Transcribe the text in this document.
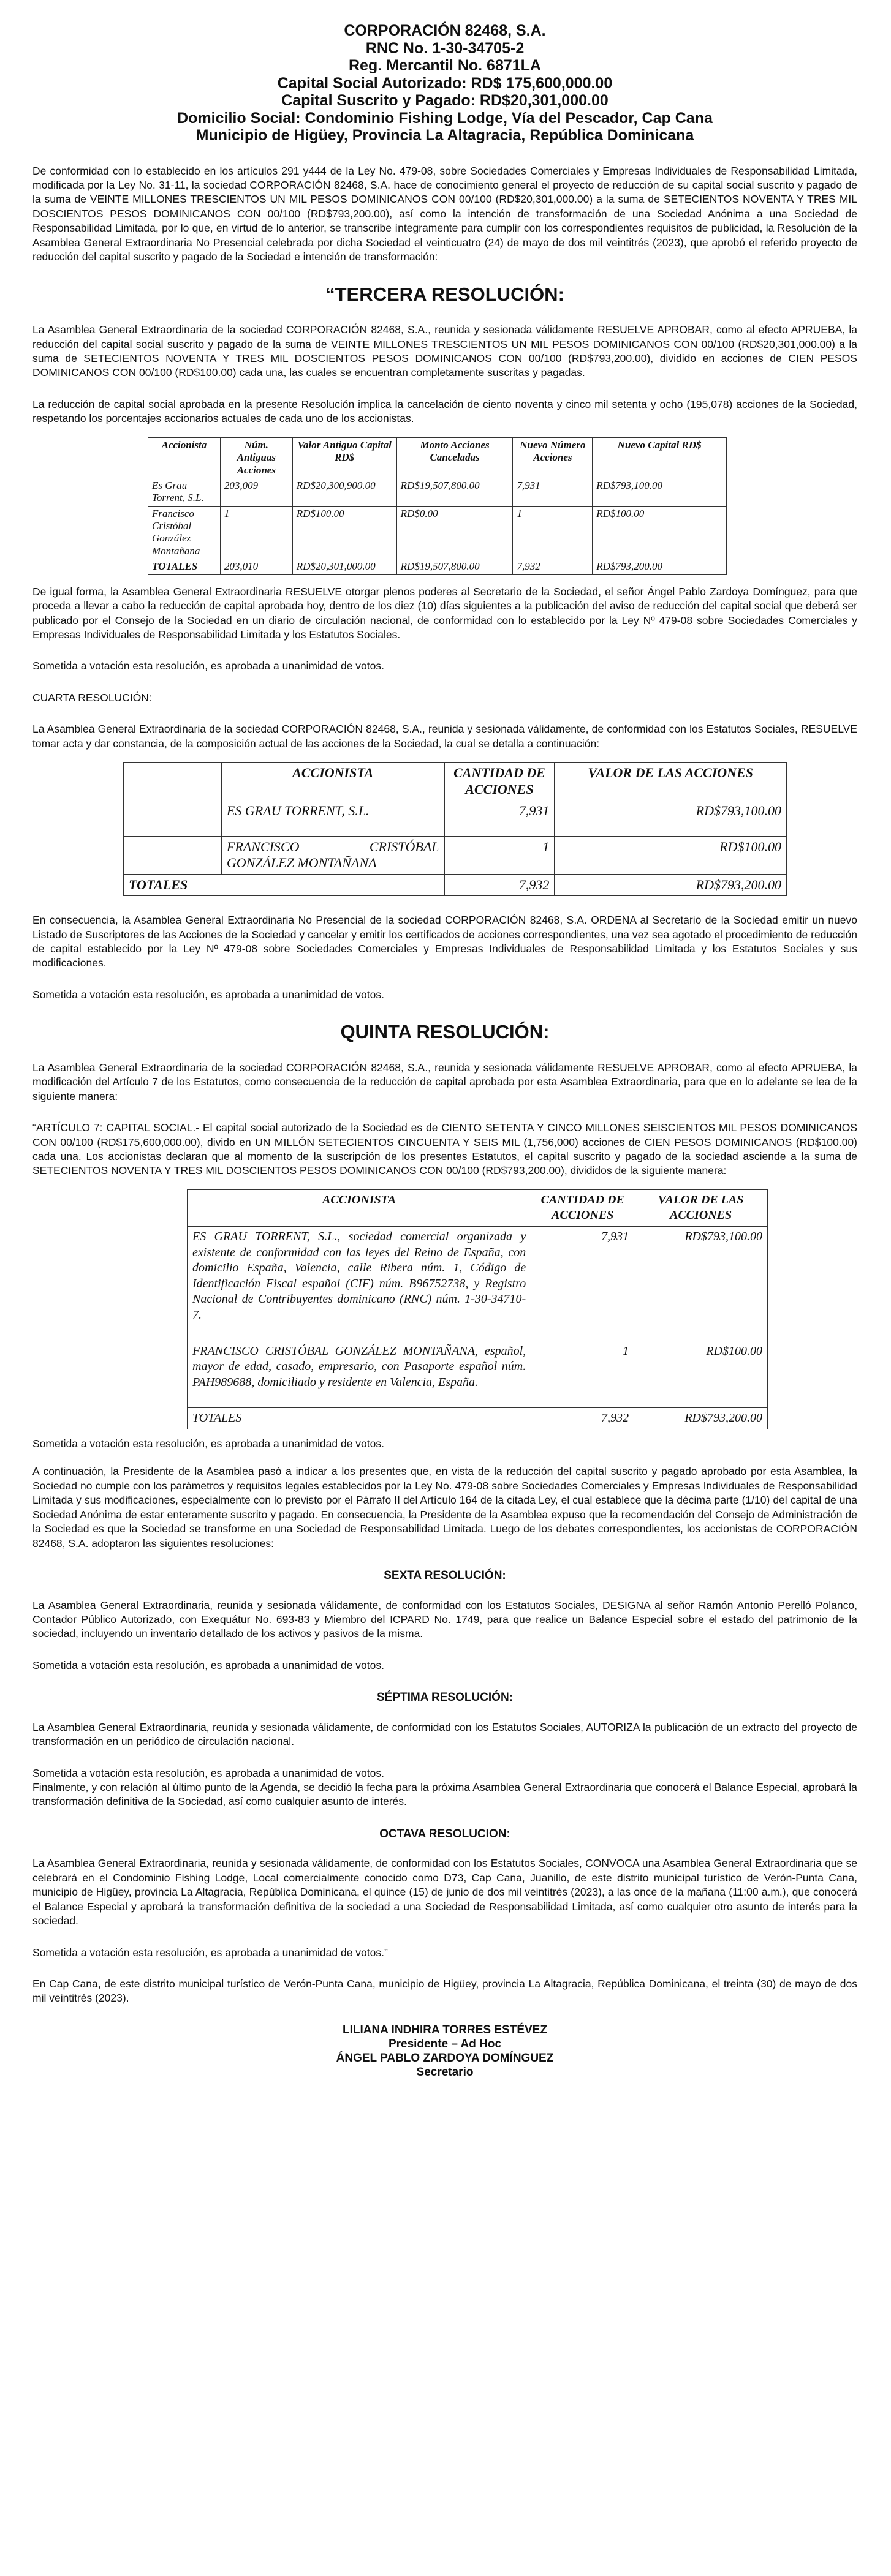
CORPORACIÓN 82468, S.A.
RNC No. 1-30-34705-2
Reg. Mercantil No. 6871LA
Capital Social Autorizado: RD$ 175,600,000.00
Capital Suscrito y Pagado: RD$20,301,000.00
Domicilio Social: Condominio Fishing Lodge, Vía del Pescador, Cap Cana
Municipio de Higüey, Provincia La Altagracia, República Dominicana

De conformidad con lo establecido en los artículos 291 y444 de la Ley No. 479-08, sobre Sociedades Comerciales y Empresas Individuales de Responsabilidad Limitada, modificada por la Ley No. 31-11, la sociedad CORPORACIÓN 82468, S.A. hace de conocimiento general el proyecto de reducción de su capital social suscrito y pagado de la suma de VEINTE MILLONES TRESCIENTOS UN MIL PESOS DOMINICANOS CON 00/100 (RD$20,301,000.00) a la suma de SETECIENTOS NOVENTA Y TRES MIL DOSCIENTOS PESOS DOMINICANOS CON 00/100 (RD$793,200.00), así como la intención de transformación de una Sociedad Anónima a una Sociedad de Responsabilidad Limitada, por lo que, en virtud de lo anterior, se transcribe íntegramente para cumplir con los correspondientes requisitos de publicidad, la Resolución de la Asamblea General Extraordinaria No Presencial celebrada por dicha Sociedad el veinticuatro (24) de mayo de dos mil veintitrés (2023), que aprobó el referido proyecto de reducción del capital suscrito y pagado de la Sociedad e intención de transformación:

“TERCERA RESOLUCIÓN:

La Asamblea General Extraordinaria de la sociedad CORPORACIÓN 82468, S.A., reunida y sesionada válidamente RESUELVE APROBAR, como al efecto APRUEBA, la reducción del capital social suscrito y pagado de la suma de VEINTE MILLONES TRESCIENTOS UN MIL PESOS DOMINICANOS CON 00/100 (RD$20,301,000.00) a la suma de SETECIENTOS NOVENTA Y TRES MIL DOSCIENTOS PESOS DOMINICANOS CON 00/100 (RD$793,200.00), dividido en acciones de CIEN PESOS DOMINICANOS CON 00/100 (RD$100.00) cada una, las cuales se encuentran completamente suscritas y pagadas.

La reducción de capital social aprobada en la presente Resolución implica la cancelación de ciento noventa y cinco mil setenta y ocho (195,078) acciones de la Sociedad, respetando los porcentajes accionarios actuales de cada uno de los accionistas.

Accionista	Núm. Antiguas Acciones	Valor Antiguo Capital RD$	Monto Acciones Canceladas	Nuevo Número Acciones	Nuevo Capital RD$
Es Grau Torrent, S.L.	203,009	RD$20,300,900.00	RD$19,507,800.00	7,931	RD$793,100.00
Francisco Cristóbal González Montañana	1	RD$100.00	RD$0.00	1	RD$100.00
TOTALES	203,010	RD$20,301,000.00	RD$19,507,800.00	7,932	RD$793,200.00

De igual forma, la Asamblea General Extraordinaria RESUELVE otorgar plenos poderes al Secretario de la Sociedad, el señor Ángel Pablo Zardoya Domínguez, para que proceda a llevar a cabo la reducción de capital aprobada hoy, dentro de los diez (10) días siguientes a la publicación del aviso de reducción del capital social que deberá ser publicado por el Consejo de la Sociedad en un diario de circulación nacional, de conformidad con lo establecido por la Ley Nº 479-08 sobre Sociedades Comerciales y Empresas Individuales de Responsabilidad Limitada y los Estatutos Sociales.

Sometida a votación esta resolución, es aprobada a unanimidad de votos.

CUARTA RESOLUCIÓN:

La Asamblea General Extraordinaria de la sociedad CORPORACIÓN 82468, S.A., reunida y sesionada válidamente, de conformidad con los Estatutos Sociales, RESUELVE tomar acta y dar constancia, de la composición actual de las acciones de la Sociedad, la cual se detalla a continuación:

	ACCIONISTA	CANTIDAD DE ACCIONES	VALOR DE LAS ACCIONES
	ES GRAU TORRENT, S.L.	7,931	RD$793,100.00
	FRANCISCO CRISTÓBAL GONZÁLEZ MONTAÑANA	1	RD$100.00
TOTALES		7,932	RD$793,200.00

En consecuencia, la Asamblea General Extraordinaria No Presencial de la sociedad CORPORACIÓN 82468, S.A. ORDENA al Secretario de la Sociedad emitir un nuevo Listado de Suscriptores de las Acciones de la Sociedad y cancelar y emitir los certificados de acciones correspondientes, una vez sea agotado el procedimiento de reducción de capital establecido por la Ley Nº 479-08 sobre Sociedades Comerciales y Empresas Individuales de Responsabilidad Limitada y los Estatutos Sociales y sus modificaciones.

Sometida a votación esta resolución, es aprobada a unanimidad de votos.

QUINTA RESOLUCIÓN:

La Asamblea General Extraordinaria de la sociedad CORPORACIÓN 82468, S.A., reunida y sesionada válidamente RESUELVE APROBAR, como al efecto APRUEBA, la modificación del Artículo 7 de los Estatutos, como consecuencia de la reducción de capital aprobada por esta Asamblea Extraordinaria, para que en lo adelante se lea de la siguiente manera:

“ARTÍCULO 7: CAPITAL SOCIAL.- El capital social autorizado de la Sociedad es de CIENTO SETENTA Y CINCO MILLONES SEISCIENTOS MIL PESOS DOMINICANOS CON 00/100 (RD$175,600,000.00), divido en UN MILLÓN SETECIENTOS CINCUENTA Y SEIS MIL (1,756,000) acciones de CIEN PESOS DOMINICANOS (RD$100.00) cada una. Los accionistas declaran que al momento de la suscripción de los presentes Estatutos, el capital suscrito y pagado de la sociedad asciende a la suma de SETECIENTOS NOVENTA Y TRES MIL DOSCIENTOS PESOS DOMINICANOS CON 00/100 (RD$793,200.00), divididos de la siguiente manera:

ACCIONISTA	CANTIDAD DE ACCIONES	VALOR DE LAS ACCIONES
ES GRAU TORRENT, S.L., sociedad comercial organizada y existente de conformidad con las leyes del Reino de España, con domicilio España, Valencia, calle Ribera núm. 1, Código de Identificación Fiscal español (CIF) núm. B96752738, y Registro Nacional de Contribuyentes dominicano (RNC) núm. 1-30-34710-7.	7,931	RD$793,100.00
FRANCISCO CRISTÓBAL GONZÁLEZ MONTAÑANA, español, mayor de edad, casado, empresario, con Pasaporte español núm. PAH989688, domiciliado y residente en Valencia, España.	1	RD$100.00
TOTALES	7,932	RD$793,200.00

Sometida a votación esta resolución, es aprobada a unanimidad de votos.

A continuación, la Presidente de la Asamblea pasó a indicar a los presentes que, en vista de la reducción del capital suscrito y pagado aprobado por esta Asamblea, la Sociedad no cumple con los parámetros y requisitos legales establecidos por la Ley No. 479-08 sobre Sociedades Comerciales y Empresas Individuales de Responsabilidad Limitada y sus modificaciones, especialmente con lo previsto por el Párrafo II del Artículo 164 de la citada Ley, el cual establece que la décima parte (1/10) del capital de una Sociedad Anónima de estar enteramente suscrito y pagado. En consecuencia, la Presidente de la Asamblea expuso que la recomendación del Consejo de Administración de la Sociedad es que la Sociedad se transforme en una Sociedad de Responsabilidad Limitada. Luego de los debates correspondientes, los accionistas de CORPORACIÓN 82468, S.A. adoptaron las siguientes resoluciones:

SEXTA RESOLUCIÓN:

La Asamblea General Extraordinaria, reunida y sesionada válidamente, de conformidad con los Estatutos Sociales, DESIGNA al señor Ramón Antonio Perelló Polanco, Contador Público Autorizado, con Exequátur No. 693-83 y Miembro del ICPARD No. 1749, para que realice un Balance Especial sobre el estado del patrimonio de la sociedad, incluyendo un inventario detallado de los activos y pasivos de la misma.

Sometida a votación esta resolución, es aprobada a unanimidad de votos.

SÉPTIMA RESOLUCIÓN:

La Asamblea General Extraordinaria, reunida y sesionada válidamente, de conformidad con los Estatutos Sociales, AUTORIZA la publicación de un extracto del proyecto de transformación en un periódico de circulación nacional.

Sometida a votación esta resolución, es aprobada a unanimidad de votos.

Finalmente, y con relación al último punto de la Agenda, se decidió la fecha para la próxima Asamblea General Extraordinaria que conocerá el Balance Especial, aprobará la transformación definitiva de la Sociedad, así como cualquier asunto de interés.

OCTAVA RESOLUCION:

La Asamblea General Extraordinaria, reunida y sesionada válidamente, de conformidad con los Estatutos Sociales, CONVOCA una Asamblea General Extraordinaria que se celebrará en el Condominio Fishing Lodge, Local comercialmente conocido como D73, Cap Cana, Juanillo, de este distrito municipal turístico de Verón-Punta Cana, municipio de Higüey, provincia La Altagracia, República Dominicana, el quince (15) de junio de dos mil veintitrés (2023), a las once de la mañana (11:00 a.m.), que conocerá el Balance Especial y aprobará la transformación definitiva de la sociedad a una Sociedad de Responsabilidad Limitada, así como cualquier otro asunto de interés para la sociedad.

Sometida a votación esta resolución, es aprobada a unanimidad de votos.”

En Cap Cana, de este distrito municipal turístico de Verón-Punta Cana, municipio de Higüey, provincia La Altagracia, República Dominicana, el treinta (30) de mayo de dos mil veintitrés (2023).

LILIANA INDHIRA TORRES ESTÉVEZ
Presidente – Ad Hoc
ÁNGEL PABLO ZARDOYA DOMÍNGUEZ
Secretario
